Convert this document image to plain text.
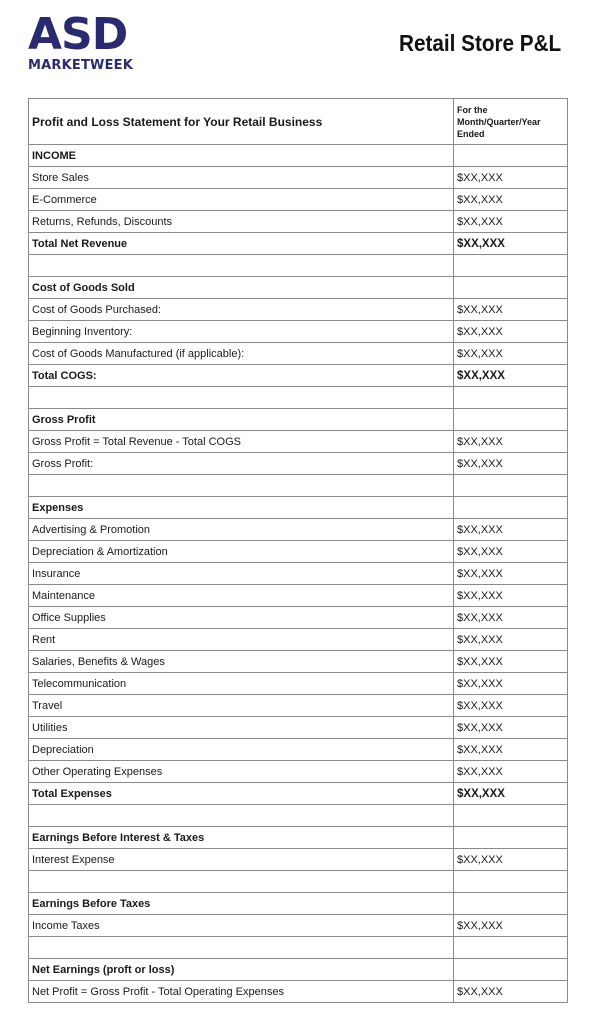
ASD
MARKETWEEK
Retail Store P&L
Profit and Loss Statement for Your Retail Business	For the Month/Quarter/Year Ended
INCOME	
Store Sales	$XX,XXX
E-Commerce	$XX,XXX
Returns, Refunds, Discounts	$XX,XXX
Total Net Revenue	$XX,XXX

Cost of Goods Sold	
Cost of Goods Purchased:	$XX,XXX
Beginning Inventory:	$XX,XXX
Cost of Goods Manufactured (if applicable):	$XX,XXX
Total COGS:	$XX,XXX

Gross Profit	
Gross Profit = Total Revenue - Total COGS	$XX,XXX
Gross Profit:	$XX,XXX

Expenses	
Advertising & Promotion	$XX,XXX
Depreciation & Amortization	$XX,XXX
Insurance	$XX,XXX
Maintenance	$XX,XXX
Office Supplies	$XX,XXX
Rent	$XX,XXX
Salaries, Benefits & Wages	$XX,XXX
Telecommunication	$XX,XXX
Travel	$XX,XXX
Utilities	$XX,XXX
Depreciation	$XX,XXX
Other Operating Expenses	$XX,XXX
Total Expenses	$XX,XXX

Earnings Before Interest & Taxes	
Interest Expense	$XX,XXX

Earnings Before Taxes	
Income Taxes	$XX,XXX

Net Earnings (proft or loss)	
Net Profit = Gross Profit - Total Operating Expenses	$XX,XXX
